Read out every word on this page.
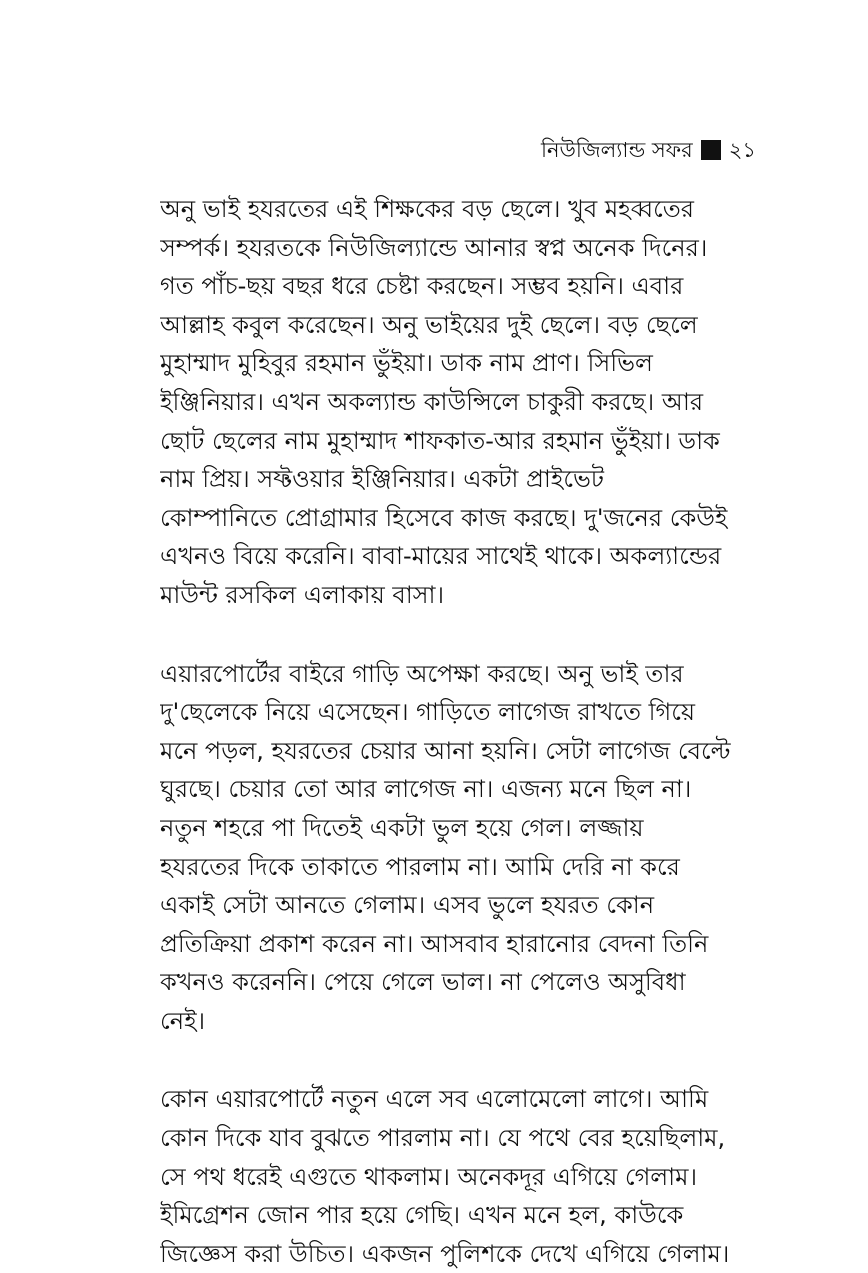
নিউজিল্যান্ড সফর ২১

অনু ভাই হযরতের এই শিক্ষকের বড় ছেলে। খুব মহব্বতের
সম্পর্ক। হযরতকে নিউজিল্যান্ডে আনার স্বপ্ন অনেক দিনের।
গত পাঁচ-ছয় বছর ধরে চেষ্টা করছেন। সম্ভব হয়নি। এবার
আল্লাহ কবুল করেছেন। অনু ভাইয়ের দুই ছেলে। বড় ছেলে
মুহাম্মাদ মুহিবুর রহমান ভুঁইয়া। ডাক নাম প্রাণ। সিভিল
ইঞ্জিনিয়ার। এখন অকল্যান্ড কাউন্সিলে চাকুরী করছে। আর
ছোট ছেলের নাম মুহাম্মাদ শাফকাত-আর রহমান ভুঁইয়া। ডাক
নাম প্রিয়। সফ্টওয়ার ইঞ্জিনিয়ার। একটা প্রাইভেট
কোম্পানিতে প্রোগ্রামার হিসেবে কাজ করছে। দু'জনের কেউই
এখনও বিয়ে করেনি। বাবা-মায়ের সাথেই থাকে। অকল্যান্ডের
মাউন্ট রসকিল এলাকায় বাসা।

এয়ারপোর্টের বাইরে গাড়ি অপেক্ষা করছে। অনু ভাই তার
দু'ছেলেকে নিয়ে এসেছেন। গাড়িতে লাগেজ রাখতে গিয়ে
মনে পড়ল, হযরতের চেয়ার আনা হয়নি। সেটা লাগেজ বেল্টে
ঘুরছে। চেয়ার তো আর লাগেজ না। এজন্য মনে ছিল না।
নতুন শহরে পা দিতেই একটা ভুল হয়ে গেল। লজ্জায়
হযরতের দিকে তাকাতে পারলাম না। আমি দেরি না করে
একাই সেটা আনতে গেলাম। এসব ভুলে হযরত কোন
প্রতিক্রিয়া প্রকাশ করেন না। আসবাব হারানোর বেদনা তিনি
কখনও করেননি। পেয়ে গেলে ভাল। না পেলেও অসুবিধা
নেই।

কোন এয়ারপোর্টে নতুন এলে সব এলোমেলো লাগে। আমি
কোন দিকে যাব বুঝতে পারলাম না। যে পথে বের হয়েছিলাম,
সে পথ ধরেই এগুতে থাকলাম। অনেকদূর এগিয়ে গেলাম।
ইমিগ্রেশন জোন পার হয়ে গেছি। এখন মনে হল, কাউকে
জিজ্ঞেস করা উচিত। একজন পুলিশকে দেখে এগিয়ে গেলাম।
